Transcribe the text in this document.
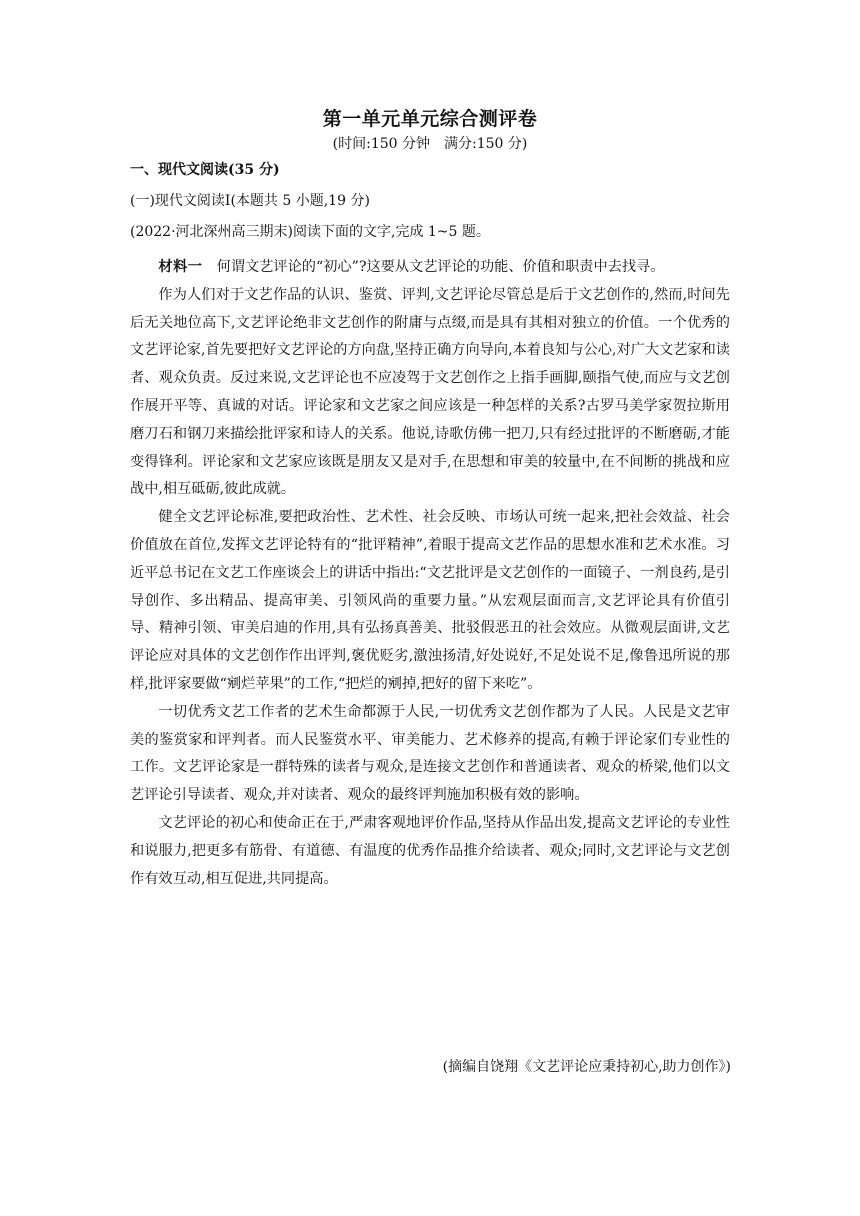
第一单元单元综合测评卷
(时间:150 分钟　满分:150 分)
一、现代文阅读(35 分)
(一)现代文阅读Ⅰ(本题共 5 小题,19 分)
(2022·河北深州高三期末)阅读下面的文字,完成 1~5 题。

材料一　 何谓文艺评论的“初心”?这要从文艺评论的功能、价值和职责中去找寻。

作为人们对于文艺作品的认识、鉴赏、评判,文艺评论尽管总是后于文艺创作的,然而,时间先后无关地位高下,文艺评论绝非文艺创作的附庸与点缀,而是具有其相对独立的价值。一个优秀的文艺评论家,首先要把好文艺评论的方向盘,坚持正确方向导向,本着良知与公心,对广大文艺家和读者、观众负责。反过来说,文艺评论也不应凌驾于文艺创作之上指手画脚,颐指气使,而应与文艺创作展开平等、真诚的对话。评论家和文艺家之间应该是一种怎样的关系?古罗马美学家贺拉斯用磨刀石和钢刀来描绘批评家和诗人的关系。他说,诗歌仿佛一把刀,只有经过批评的不断磨砺,才能变得锋利。评论家和文艺家应该既是朋友又是对手,在思想和审美的较量中,在不间断的挑战和应战中,相互砥砺,彼此成就。

健全文艺评论标准,要把政治性、艺术性、社会反映、市场认可统一起来,把社会效益、社会价值放在首位,发挥文艺评论特有的“批评精神”,着眼于提高文艺作品的思想水准和艺术水准。习近平总书记在文艺工作座谈会上的讲话中指出:“文艺批评是文艺创作的一面镜子、一剂良药,是引导创作、多出精品、提高审美、引领风尚的重要力量。”从宏观层面而言,文艺评论具有价值引导、精神引领、审美启迪的作用,具有弘扬真善美、批驳假恶丑的社会效应。从微观层面讲,文艺评论应对具体的文艺创作作出评判,褒优贬劣,激浊扬清,好处说好,不足处说不足,像鲁迅所说的那样,批评家要做“剜烂苹果”的工作,“把烂的剜掉,把好的留下来吃”。

一切优秀文艺工作者的艺术生命都源于人民,一切优秀文艺创作都为了人民。人民是文艺审美的鉴赏家和评判者。而人民鉴赏水平、审美能力、艺术修养的提高,有赖于评论家们专业性的工作。文艺评论家是一群特殊的读者与观众,是连接文艺创作和普通读者、观众的桥梁,他们以文艺评论引导读者、观众,并对读者、观众的最终评判施加积极有效的影响。

文艺评论的初心和使命正在于,严肃客观地评价作品,坚持从作品出发,提高文艺评论的专业性和说服力,把更多有筋骨、有道德、有温度的优秀作品推介给读者、观众;同时,文艺评论与文艺创作有效互动,相互促进,共同提高。

(摘编自饶翔《文艺评论应秉持初心,助力创作》)
